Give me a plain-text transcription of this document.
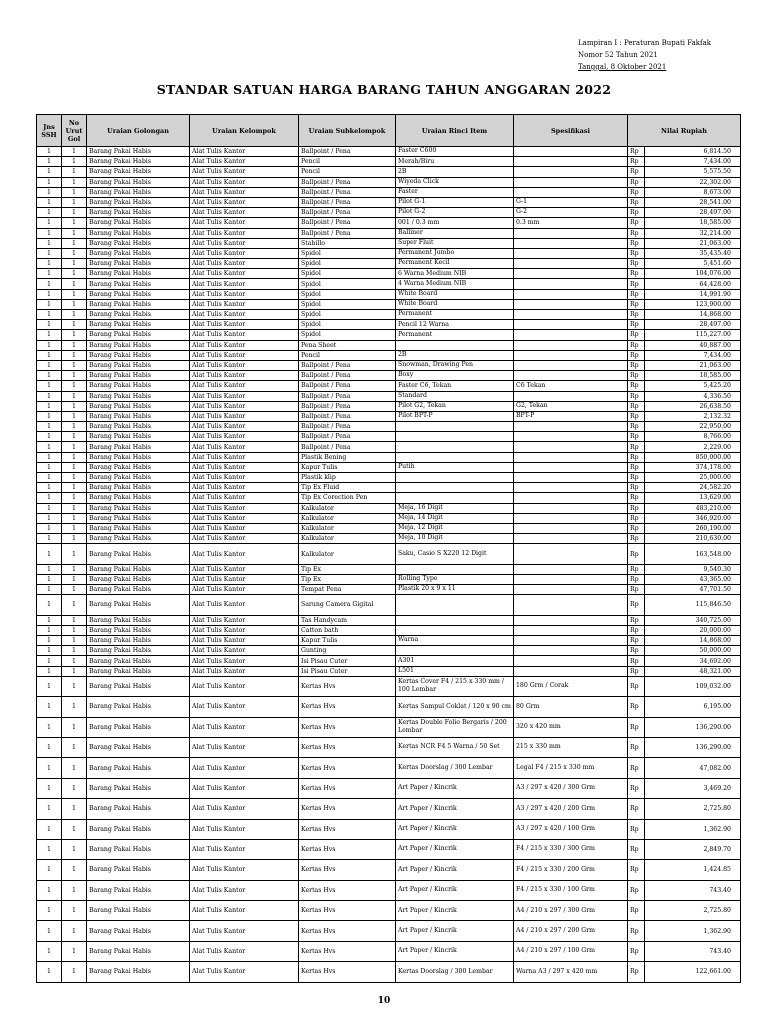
Lampiran I : Peraturan Bupati Fakfak
Nomor 52 Tahun 2021
Tanggal, 8 Oktober 2021
STANDAR SATUAN HARGA BARANG TAHUN ANGGARAN 2022
Jns SSH	No Urut Gol	Uraian Golongan	Uraian Kelompok	Uraian Subkelompok	Uraian Rinci Item	Spesifikasi	Nilai Rupiah	
1	1	Barang Pakai Habis	Alat Tulis Kantor	Ballpoint / Pena	Faster C600		Rp	6,814.50
1	1	Barang Pakai Habis	Alat Tulis Kantor	Pencil	Merah/Biru		Rp	7,434.00
1	1	Barang Pakai Habis	Alat Tulis Kantor	Pencil	2B		Rp	5,575.50
1	1	Barang Pakai Habis	Alat Tulis Kantor	Ballpoint / Pena	Wiyeda Click		Rp	22,302.00
1	1	Barang Pakai Habis	Alat Tulis Kantor	Ballpoint / Pena	Faster		Rp	8,673.00
1	1	Barang Pakai Habis	Alat Tulis Kantor	Ballpoint / Pena	Pilot G-1	G-1	Rp	28,541.00
1	1	Barang Pakai Habis	Alat Tulis Kantor	Ballpoint / Pena	Pilot G-2	G-2	Rp	28,497.00
1	1	Barang Pakai Habis	Alat Tulis Kantor	Ballpoint / Pena	001 / 0.3 mm	0.3 mm	Rp	18,585.00
1	1	Barang Pakai Habis	Alat Tulis Kantor	Ballpoint / Pena	Balliner		Rp	32,214.00
1	1	Barang Pakai Habis	Alat Tulis Kantor	Stabillo	Super Fluit		Rp	21,063.00
1	1	Barang Pakai Habis	Alat Tulis Kantor	Spidol	Permanent Jumbo		Rp	35,435.40
1	1	Barang Pakai Habis	Alat Tulis Kantor	Spidol	Permanent Kecil		Rp	5,451.60
1	1	Barang Pakai Habis	Alat Tulis Kantor	Spidol	6 Warna Medium NIB		Rp	104,076.00
1	1	Barang Pakai Habis	Alat Tulis Kantor	Spidol	4 Warna Medium NIB		Rp	64,428.00
1	1	Barang Pakai Habis	Alat Tulis Kantor	Spidol	White Board		Rp	14,991.90
1	1	Barang Pakai Habis	Alat Tulis Kantor	Spidol	White Board		Rp	123,900.00
1	1	Barang Pakai Habis	Alat Tulis Kantor	Spidol	Permanent		Rp	14,868.00
1	1	Barang Pakai Habis	Alat Tulis Kantor	Spidol	Pencil 12 Warna		Rp	28,497.00
1	1	Barang Pakai Habis	Alat Tulis Kantor	Spidol	Permanent		Rp	115,227.00
1	1	Barang Pakai Habis	Alat Tulis Kantor	Pena Sheet			Rp	40,887.00
1	1	Barang Pakai Habis	Alat Tulis Kantor	Pencil	2B		Rp	7,434.00
1	1	Barang Pakai Habis	Alat Tulis Kantor	Ballpoint / Pena	Snowman, Drawing Pen		Rp	21,063.00
1	1	Barang Pakai Habis	Alat Tulis Kantor	Ballpoint / Pena	Boxy		Rp	18,585.00
1	1	Barang Pakai Habis	Alat Tulis Kantor	Ballpoint / Pena	Faster C6, Tekan	C6 Tekan	Rp	5,425.20
1	1	Barang Pakai Habis	Alat Tulis Kantor	Ballpoint / Pena	Standard		Rp	4,336.50
1	1	Barang Pakai Habis	Alat Tulis Kantor	Ballpoint / Pena	Pilot G2, Tekan	G2, Tekan	Rp	26,638.50
1	1	Barang Pakai Habis	Alat Tulis Kantor	Ballpoint / Pena	Pilot BPT-P	BPT-P	Rp	2,132.32
1	1	Barang Pakai Habis	Alat Tulis Kantor	Ballpoint / Pena			Rp	22,950.00
1	1	Barang Pakai Habis	Alat Tulis Kantor	Ballpoint / Pena			Rp	8,766.00
1	1	Barang Pakai Habis	Alat Tulis Kantor	Ballpoint / Pena			Rp	2,229.00
1	1	Barang Pakai Habis	Alat Tulis Kantor	Plastik Bening			Rp	850,000.00
1	1	Barang Pakai Habis	Alat Tulis Kantor	Kapur Tulis	Putih		Rp	374,178.00
1	1	Barang Pakai Habis	Alat Tulis Kantor	Plastik klip			Rp	25,000.00
1	1	Barang Pakai Habis	Alat Tulis Kantor	Tip Ex Fluid			Rp	24,582.20
1	1	Barang Pakai Habis	Alat Tulis Kantor	Tip Ex Corection Pen			Rp	13,629.00
1	1	Barang Pakai Habis	Alat Tulis Kantor	Kalkulator	Meja, 16 Digit		Rp	483,210.00
1	1	Barang Pakai Habis	Alat Tulis Kantor	Kalkulator	Meja, 14 Digit		Rp	346,920.00
1	1	Barang Pakai Habis	Alat Tulis Kantor	Kalkulator	Meja, 12 Digit		Rp	260,190.00
1	1	Barang Pakai Habis	Alat Tulis Kantor	Kalkulator	Meja, 10 Digit		Rp	210,630.00
1	1	Barang Pakai Habis	Alat Tulis Kantor	Kalkulator	Saku, Casio S X220 12 Digit		Rp	163,548.00
1	1	Barang Pakai Habis	Alat Tulis Kantor	Tip Ex			Rp	9,540.30
1	1	Barang Pakai Habis	Alat Tulis Kantor	Tip Ex	Rolling Type		Rp	43,365.00
1	1	Barang Pakai Habis	Alat Tulis Kantor	Tempat Pena	Plastik 20 x 9 x 11		Rp	47,701.50
1	1	Barang Pakai Habis	Alat Tulis Kantor	Sarung Camera Gigital			Rp	115,846.50
1	1	Barang Pakai Habis	Alat Tulis Kantor	Tas Handycam			Rp	340,725.00
1	1	Barang Pakai Habis	Alat Tulis Kantor	Catton bath			Rp	20,000.00
1	1	Barang Pakai Habis	Alat Tulis Kantor	Kapur Tulis	Warna		Rp	14,868.00
1	1	Barang Pakai Habis	Alat Tulis Kantor	Gunting			Rp	50,000.00
1	1	Barang Pakai Habis	Alat Tulis Kantor	Isi Pisau Cuter	A301		Rp	34,692.00
1	1	Barang Pakai Habis	Alat Tulis Kantor	Isi Pisau Cuter	L501		Rp	48,321.00
1	1	Barang Pakai Habis	Alat Tulis Kantor	Kertas Hvs	Kertas Cover F4 / 215 x 330 mm / 100 Lembar	180 Grm / Corak	Rp	109,032.00
1	1	Barang Pakai Habis	Alat Tulis Kantor	Kertas Hvs	Kertas Sampul Coklat / 120 x 90 cm	80 Grm	Rp	6,195.00
1	1	Barang Pakai Habis	Alat Tulis Kantor	Kertas Hvs	Kertas Double Folio Bergaris / 200 Lembar	320 x 420 mm	Rp	136,290.00
1	1	Barang Pakai Habis	Alat Tulis Kantor	Kertas Hvs	Kertas NCR F4 5 Warna / 50 Set	215 x 330 mm	Rp	136,290.00
1	1	Barang Pakai Habis	Alat Tulis Kantor	Kertas Hvs	Kertas Doorslag / 300 Lembar	Legal F4 / 215 x 330 mm	Rp	47,082.00
1	1	Barang Pakai Habis	Alat Tulis Kantor	Kertas Hvs	Art Paper / Kincrik	A3 / 297 x 420 / 300 Grm	Rp	3,469.20
1	1	Barang Pakai Habis	Alat Tulis Kantor	Kertas Hvs	Art Paper / Kincrik	A3 / 297 x 420 / 200 Grm	Rp	2,725.80
1	1	Barang Pakai Habis	Alat Tulis Kantor	Kertas Hvs	Art Paper / Kincrik	A3 / 297 x 420 / 100 Grm	Rp	1,362.90
1	1	Barang Pakai Habis	Alat Tulis Kantor	Kertas Hvs	Art Paper / Kincrik	F4 / 215 x 330 / 300 Grm	Rp	2,849.70
1	1	Barang Pakai Habis	Alat Tulis Kantor	Kertas Hvs	Art Paper / Kincrik	F4 / 215 x 330 / 200 Grm	Rp	1,424.85
1	1	Barang Pakai Habis	Alat Tulis Kantor	Kertas Hvs	Art Paper / Kincrik	F4 / 215 x 330 / 100 Grm	Rp	743.40
1	1	Barang Pakai Habis	Alat Tulis Kantor	Kertas Hvs	Art Paper / Kincrik	A4 / 210 x 297 / 300 Grm	Rp	2,725.80
1	1	Barang Pakai Habis	Alat Tulis Kantor	Kertas Hvs	Art Paper / Kincrik	A4 / 210 x 297 / 200 Grm	Rp	1,362.90
1	1	Barang Pakai Habis	Alat Tulis Kantor	Kertas Hvs	Art Paper / Kincrik	A4 / 210 x 297 / 100 Grm	Rp	743.40
1	1	Barang Pakai Habis	Alat Tulis Kantor	Kertas Hvs	Kertas Doorslag / 300 Lembar	Warna A3 / 297 x 420 mm	Rp	122,661.00
10
